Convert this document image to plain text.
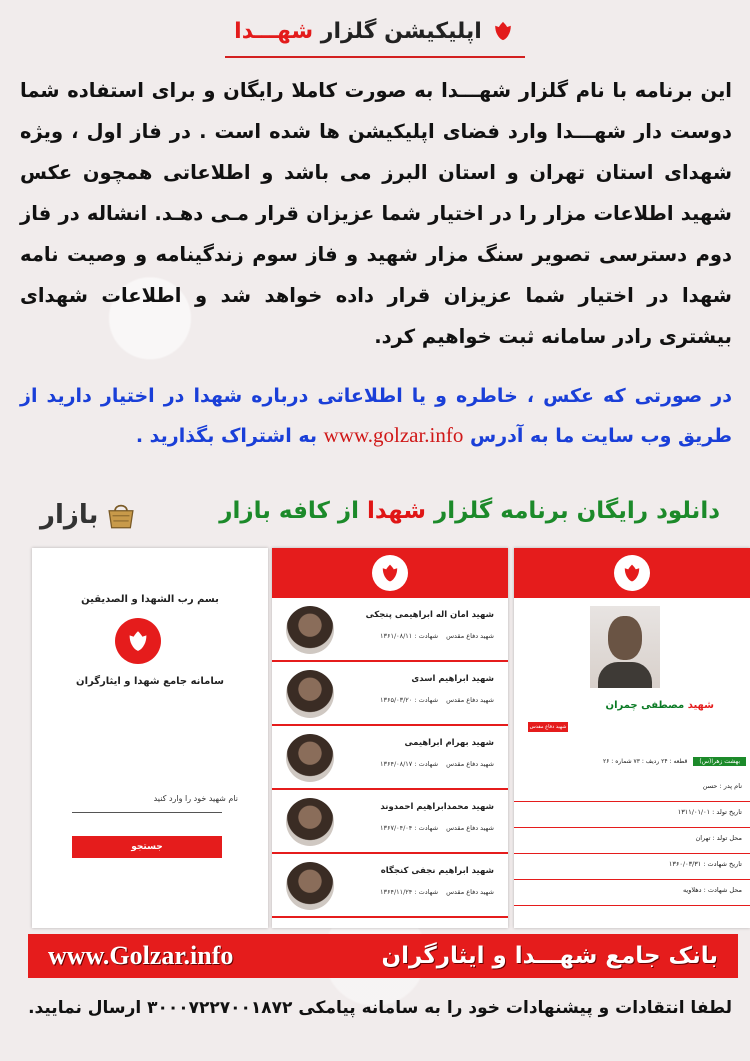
اپلیکیشن گلزار شهـــدا

این برنامه با نام گلزار شهـــدا به صورت کاملا رایگان و برای استفاده شما دوست دار شهـــدا وارد فضای اپلیکیشن ها شده است . در فاز اول ، ویژه شهدای استان تهران و استان البرز می باشد و اطلاعاتی همچون عکس شهید اطلاعات مزار را در اختیار شما عزیزان قرار مـی دهـد. انشاله در فاز دوم دسترسی تصویر سنگ مزار شهید و فاز سوم زندگینامه و وصیت نامه شهدا در اختیار شما عزیزان قرار داده خواهد شد و اطلاعات شهدای بیشتری رادر سامانه ثبت خواهیم کرد.

در صورتی که عکس ، خاطره و یا اطلاعاتی درباره شهدا در اختیار دارید از طریق وب سایت ما به آدرس www.golzar.info به اشتراک بگذارید .

دانلود رایگان برنامه گلزار شهدا از کافه بازار
بازار
بسم رب الشهدا و الصدیقین
سامانه جامع شهدا و ایثارگران
نام شهید خود را وارد کنید
جستجو
شهید امان اله ابراهیمی پنجکی
شهید دفاع مقدس
شهادت : ۱۳۶۱/۰۸/۱۱
شهید ابراهیم اسدی
شهید دفاع مقدس
شهادت : ۱۳۶۵/۰۳/۲۰
شهید بهرام ابراهیمی
شهید دفاع مقدس
شهادت : ۱۳۶۴/۰۸/۱۷
شهید محمدابراهیم احمدوند
شهید دفاع مقدس
شهادت : ۱۳۶۷/۰۴/۰۴
شهید ابراهیم نجفی کنجگاه
شهید دفاع مقدس
شهادت : ۱۳۶۴/۱۱/۲۴
شهید مصطفی چمران
شهید دفاع مقدس
بهشت زهرا(س)
قطعه : ۲۴ ردیف : ۷۳ شماره : ۲۶
نام پدر : حسن
تاریخ تولد : ۱۳۱۱/۰۱/۰۱
محل تولد : تهران
تاریخ شهادت : ۱۳۶۰/۰۳/۳۱
محل شهادت : دهلاویه
بانک جامع شهـــدا و ایثارگران
www.Golzar.info

لطفا انتقادات و پیشنهادات خود را به سامانه پیامکی ۳۰۰۰۷۲۲۷۰۰۱۸۷۲ ارسال نمایید.
